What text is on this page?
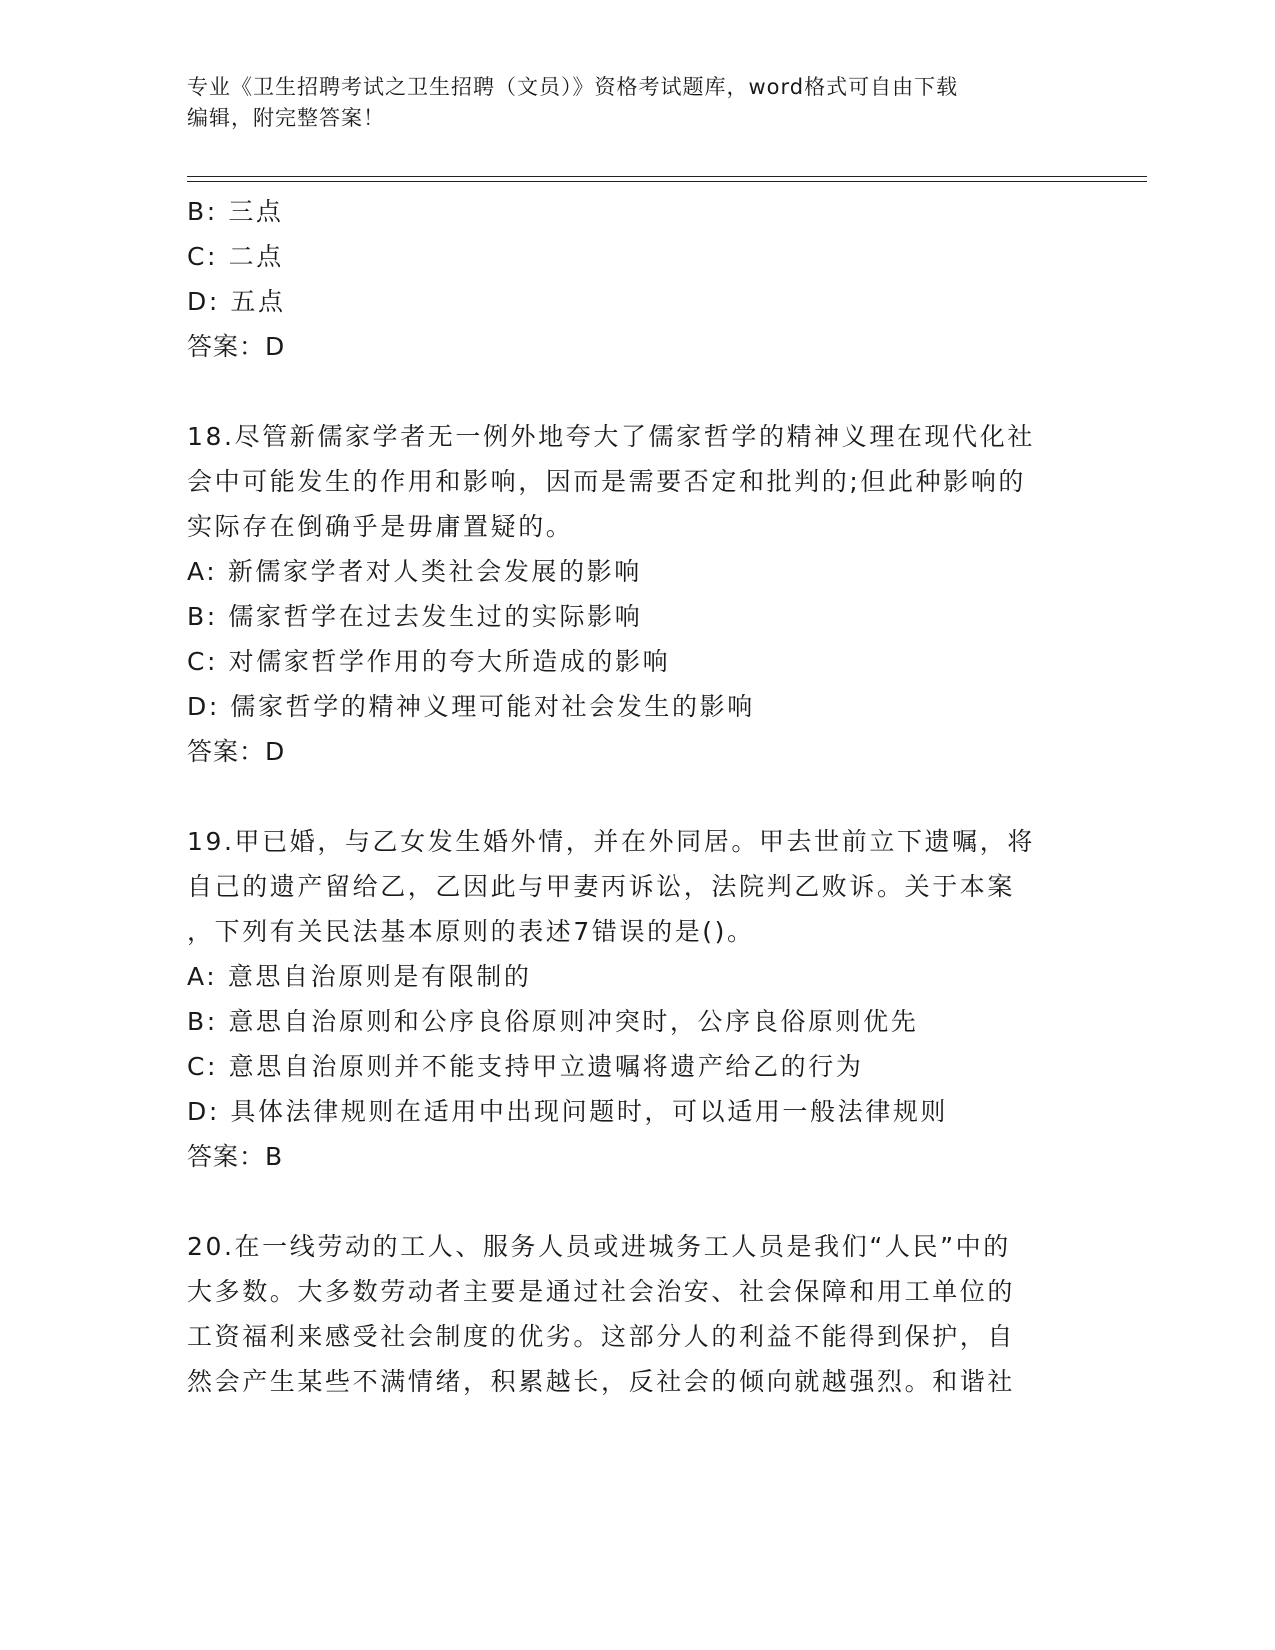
专业《卫生招聘考试之卫生招聘（文员）》资格考试题库，word格式可自由下载
编辑，附完整答案！
B: 三点
C: 二点
D: 五点
答案：D
18.尽管新儒家学者无一例外地夸大了儒家哲学的精神义理在现代化社
会中可能发生的作用和影响，因而是需要否定和批判的;但此种影响的
实际存在倒确乎是毋庸置疑的。
A: 新儒家学者对人类社会发展的影响
B: 儒家哲学在过去发生过的实际影响
C: 对儒家哲学作用的夸大所造成的影响
D: 儒家哲学的精神义理可能对社会发生的影响
答案：D
19.甲已婚，与乙女发生婚外情，并在外同居。甲去世前立下遗嘱，将
自己的遗产留给乙，乙因此与甲妻丙诉讼，法院判乙败诉。关于本案
，下列有关民法基本原则的表述7错误的是()。
A: 意思自治原则是有限制的
B: 意思自治原则和公序良俗原则冲突时，公序良俗原则优先
C: 意思自治原则并不能支持甲立遗嘱将遗产给乙的行为
D: 具体法律规则在适用中出现问题时，可以适用一般法律规则
答案：B
20.在一线劳动的工人、服务人员或进城务工人员是我们“人民”中的
大多数。大多数劳动者主要是通过社会治安、社会保障和用工单位的
工资福利来感受社会制度的优劣。这部分人的利益不能得到保护，自
然会产生某些不满情绪，积累越长，反社会的倾向就越强烈。和谐社
